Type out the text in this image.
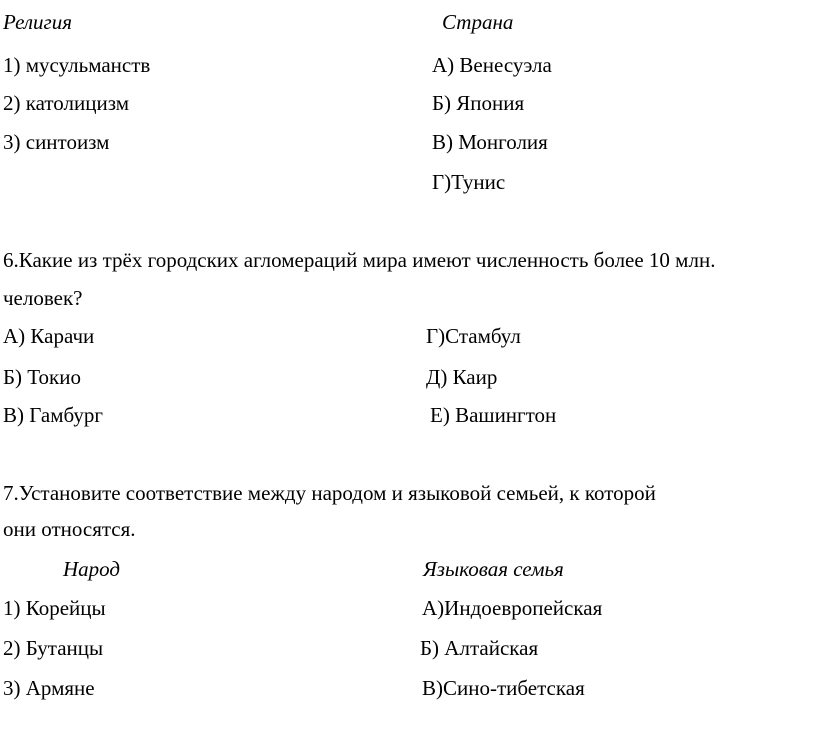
Религия	Страна
1) мусульманств
2) католицизм
3) синтоизм
А) Венесуэла
Б) Япония
В) Монголия
Г)Тунис
6.Какие из трёх городских агломераций мира имеют численность более 10 млн.
человек?
А) Карачи
Б) Токио
В) Гамбург
Г)Стамбул
Д) Каир
Е) Вашингтон
7.Установите соответствие между народом и языковой семьей, к которой
они относятся.
Народ	Языковая семья
1) Корейцы
2) Бутанцы
3) Армяне
А)Индоевропейская
Б) Алтайская
В)Сино-тибетская
